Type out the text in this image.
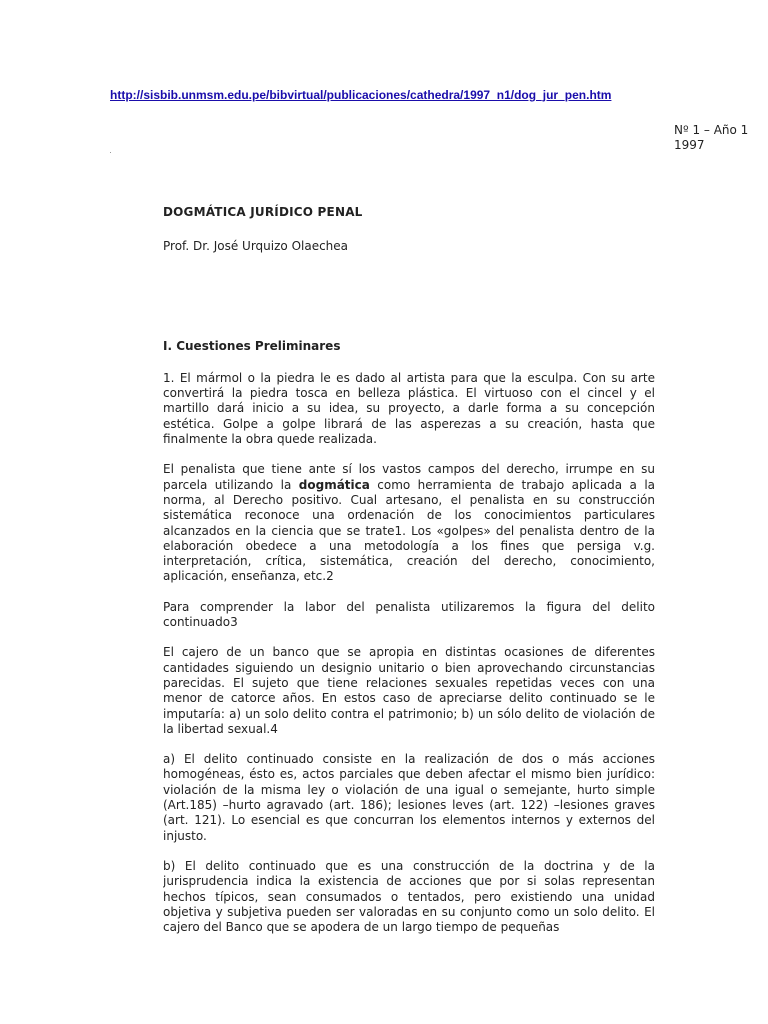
http://sisbib.unmsm.edu.pe/bibvirtual/publicaciones/cathedra/1997_n1/dog_jur_pen.htm
Nº 1 – Año 1
1997

DOGMÁTICA JURÍDICO PENAL

Prof. Dr. José Urquizo Olaechea

I. Cuestiones Preliminares

1. El mármol o la piedra le es dado al artista para que la esculpa. Con su arte convertirá la piedra tosca en belleza plástica. El virtuoso con el cincel y el martillo dará inicio a su idea, su proyecto, a darle forma a su concepción estética. Golpe a golpe librará de las asperezas a su creación, hasta que finalmente la obra quede realizada.

El penalista que tiene ante sí los vastos campos del derecho, irrumpe en su parcela utilizando la dogmática como herramienta de trabajo aplicada a la norma, al Derecho positivo. Cual artesano, el penalista en su construcción sistemática reconoce una ordenación de los conocimientos particulares alcanzados en la ciencia que se trate1. Los «golpes» del penalista dentro de la elaboración obedece a una metodología a los fines que persiga v.g. interpretación, crítica, sistemática, creación del derecho, conocimiento, aplicación, enseñanza, etc.2

Para comprender la labor del penalista utilizaremos la figura del delito continuado3

El cajero de un banco que se apropia en distintas ocasiones de diferentes cantidades siguiendo un designio unitario o bien aprovechando circunstancias parecidas. El sujeto que tiene relaciones sexuales repetidas veces con una menor de catorce años. En estos caso de apreciarse delito continuado se le imputaría: a) un solo delito contra el patrimonio; b) un sólo delito de violación de la libertad sexual.4

a) El delito continuado consiste en la realización de dos o más acciones homogéneas, ésto es, actos parciales que deben afectar el mismo bien jurídico: violación de la misma ley o violación de una igual o semejante, hurto simple (Art.185) –hurto agravado (art. 186); lesiones leves (art. 122) –lesiones graves (art. 121). Lo esencial es que concurran los elementos internos y externos del injusto.

b) El delito continuado que es una construcción de la doctrina y de la jurisprudencia indica la existencia de acciones que por si solas representan hechos típicos, sean consumados o tentados, pero existiendo una unidad objetiva y subjetiva pueden ser valoradas en su conjunto como un solo delito. El cajero del Banco que se apodera de un largo tiempo de pequeñas
